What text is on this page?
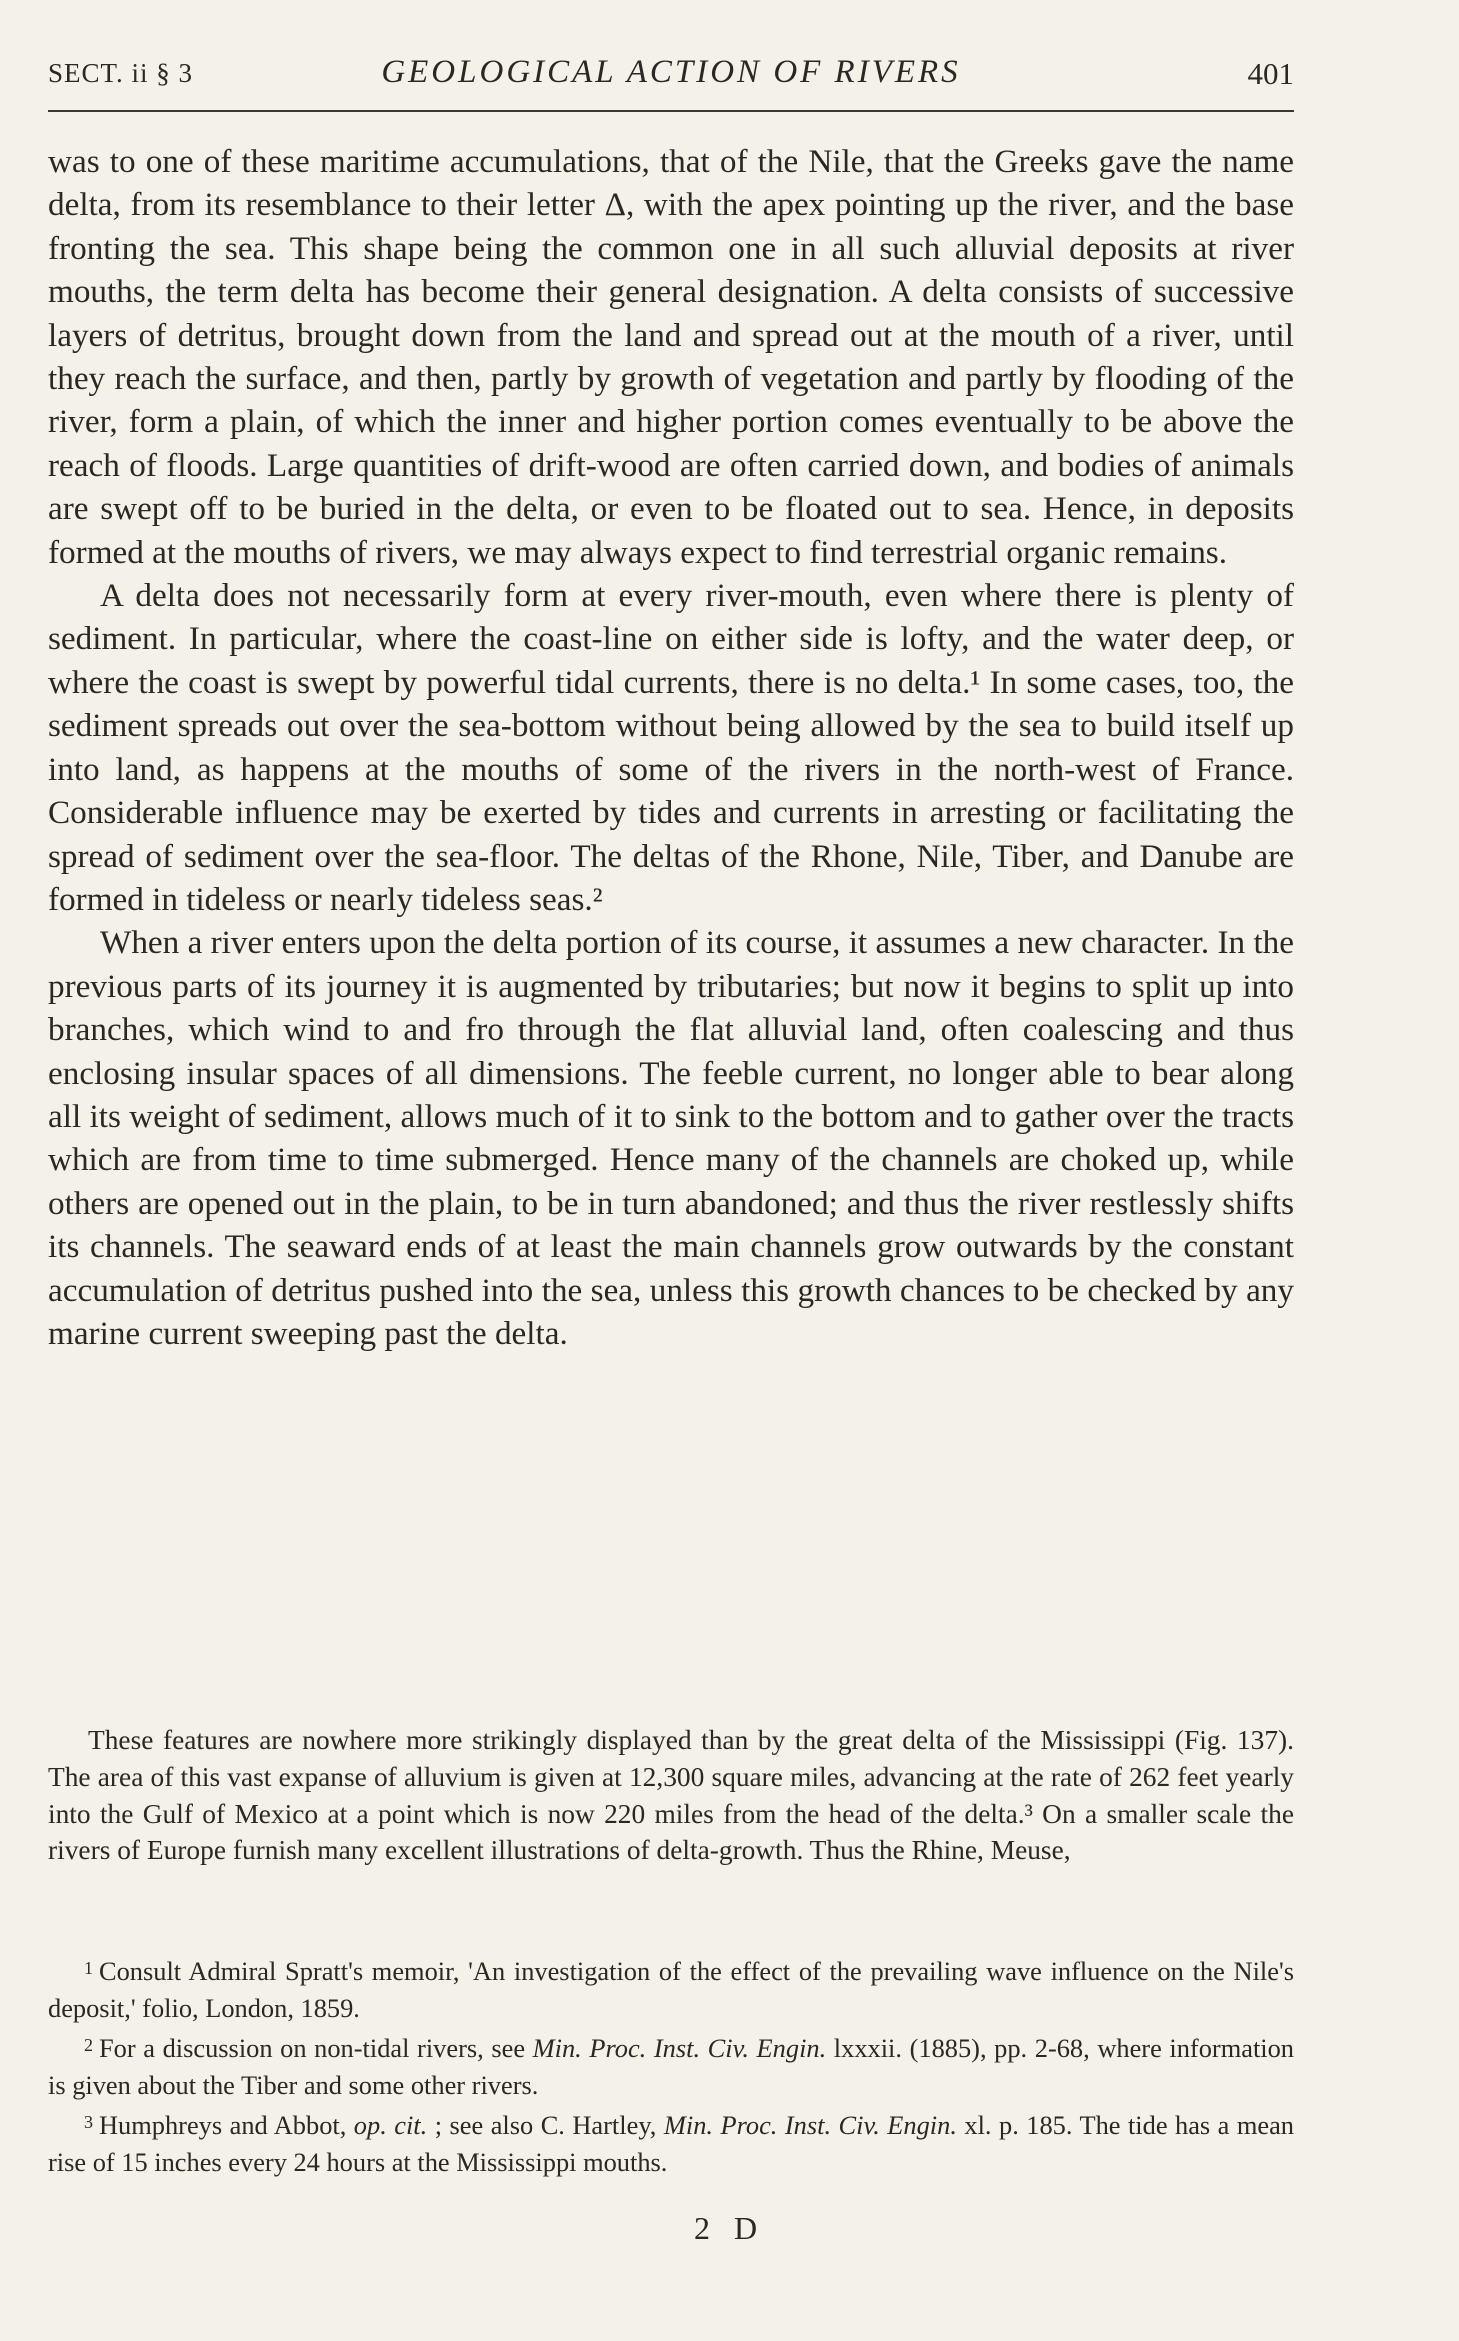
SECT. ii § 3	GEOLOGICAL ACTION OF RIVERS	401

was to one of these maritime accumulations, that of the Nile, that the Greeks gave the name delta, from its resemblance to their letter Δ, with the apex pointing up the river, and the base fronting the sea. This shape being the common one in all such alluvial deposits at river mouths, the term delta has become their general designation. A delta consists of successive layers of detritus, brought down from the land and spread out at the mouth of a river, until they reach the surface, and then, partly by growth of vegetation and partly by flooding of the river, form a plain, of which the inner and higher portion comes eventually to be above the reach of floods. Large quantities of drift-wood are often carried down, and bodies of animals are swept off to be buried in the delta, or even to be floated out to sea. Hence, in deposits formed at the mouths of rivers, we may always expect to find terrestrial organic remains.

A delta does not necessarily form at every river-mouth, even where there is plenty of sediment. In particular, where the coast-line on either side is lofty, and the water deep, or where the coast is swept by powerful tidal currents, there is no delta.¹ In some cases, too, the sediment spreads out over the sea-bottom without being allowed by the sea to build itself up into land, as happens at the mouths of some of the rivers in the north-west of France. Considerable influence may be exerted by tides and currents in arresting or facilitating the spread of sediment over the sea-floor. The deltas of the Rhone, Nile, Tiber, and Danube are formed in tideless or nearly tideless seas.²

When a river enters upon the delta portion of its course, it assumes a new character. In the previous parts of its journey it is augmented by tributaries; but now it begins to split up into branches, which wind to and fro through the flat alluvial land, often coalescing and thus enclosing insular spaces of all dimensions. The feeble current, no longer able to bear along all its weight of sediment, allows much of it to sink to the bottom and to gather over the tracts which are from time to time submerged. Hence many of the channels are choked up, while others are opened out in the plain, to be in turn abandoned; and thus the river restlessly shifts its channels. The seaward ends of at least the main channels grow outwards by the constant accumulation of detritus pushed into the sea, unless this growth chances to be checked by any marine current sweeping past the delta.

These features are nowhere more strikingly displayed than by the great delta of the Mississippi (Fig. 137). The area of this vast expanse of alluvium is given at 12,300 square miles, advancing at the rate of 262 feet yearly into the Gulf of Mexico at a point which is now 220 miles from the head of the delta.³ On a smaller scale the rivers of Europe furnish many excellent illustrations of delta-growth. Thus the Rhine, Meuse,

$^1$ Consult Admiral Spratt's memoir, 'An investigation of the effect of the prevailing wave influence on the Nile's deposit,' folio, London, 1859.

$^2$ For a discussion on non-tidal rivers, see Min. Proc. Inst. Civ. Engin. lxxxii. (1885), pp. 2-68, where information is given about the Tiber and some other rivers.

$^3$ Humphreys and Abbot, op. cit. ; see also C. Hartley, Min. Proc. Inst. Civ. Engin. xl. p. 185. The tide has a mean rise of 15 inches every 24 hours at the Mississippi mouths.

2 D
